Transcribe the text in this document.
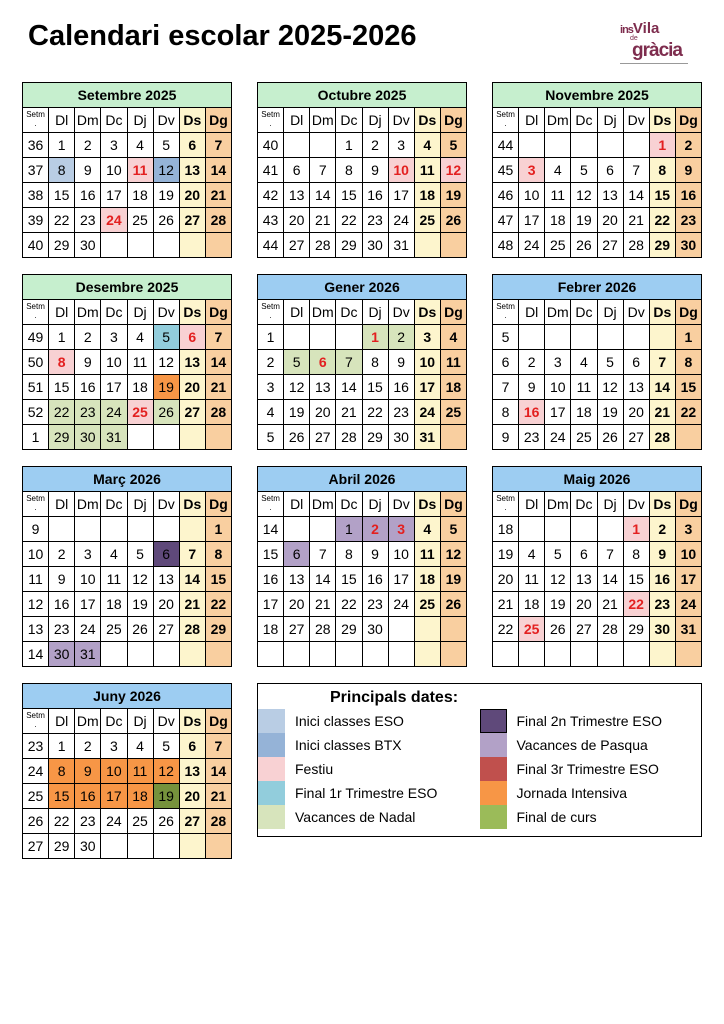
Calendari escolar 2025-2026	insVila
de
gràcia
Setembre 2025							
Setm
.	Dl	Dm	Dc	Dj	Dv	Ds	Dg
36	1	2	3	4	5	6	7
37	8	9	10	11	12	13	14
38	15	16	17	18	19	20	21
39	22	23	24	25	26	27	28
40	29	30					
Octubre 2025							
Setm
.	Dl	Dm	Dc	Dj	Dv	Ds	Dg
40			1	2	3	4	5
41	6	7	8	9	10	11	12
42	13	14	15	16	17	18	19
43	20	21	22	23	24	25	26
44	27	28	29	30	31		
Novembre 2025							
Setm
.	Dl	Dm	Dc	Dj	Dv	Ds	Dg
44						1	2
45	3	4	5	6	7	8	9
46	10	11	12	13	14	15	16
47	17	18	19	20	21	22	23
48	24	25	26	27	28	29	30
Desembre 2025							
Setm
.	Dl	Dm	Dc	Dj	Dv	Ds	Dg
49	1	2	3	4	5	6	7
50	8	9	10	11	12	13	14
51	15	16	17	18	19	20	21
52	22	23	24	25	26	27	28
1	29	30	31				
Gener 2026							
Setm
.	Dl	Dm	Dc	Dj	Dv	Ds	Dg
1				1	2	3	4
2	5	6	7	8	9	10	11
3	12	13	14	15	16	17	18
4	19	20	21	22	23	24	25
5	26	27	28	29	30	31	
Febrer 2026							
Setm
.	Dl	Dm	Dc	Dj	Dv	Ds	Dg
5							1
6	2	3	4	5	6	7	8
7	9	10	11	12	13	14	15
8	16	17	18	19	20	21	22
9	23	24	25	26	27	28	
Març 2026							
Setm
.	Dl	Dm	Dc	Dj	Dv	Ds	Dg
9							1
10	2	3	4	5	6	7	8
11	9	10	11	12	13	14	15
12	16	17	18	19	20	21	22
13	23	24	25	26	27	28	29
14	30	31					
Abril 2026							
Setm
.	Dl	Dm	Dc	Dj	Dv	Ds	Dg
14			1	2	3	4	5
15	6	7	8	9	10	11	12
16	13	14	15	16	17	18	19
17	20	21	22	23	24	25	26
18	27	28	29	30			

Maig 2026							
Setm
.	Dl	Dm	Dc	Dj	Dv	Ds	Dg
18					1	2	3
19	4	5	6	7	8	9	10
20	11	12	13	14	15	16	17
21	18	19	20	21	22	23	24
22	25	26	27	28	29	30	31

Juny 2026							
Setm
.	Dl	Dm	Dc	Dj	Dv	Ds	Dg
23	1	2	3	4	5	6	7
24	8	9	10	11	12	13	14
25	15	16	17	18	19	20	21
26	22	23	24	25	26	27	28
27	29	30					
Principals dates:
Inici classes ESO
Inici classes BTX
Festiu
Final 1r Trimestre ESO
Vacances de Nadal
Final 2n Trimestre ESO
Vacances de Pasqua
Final 3r Trimestre ESO
Jornada Intensiva
Final de curs
